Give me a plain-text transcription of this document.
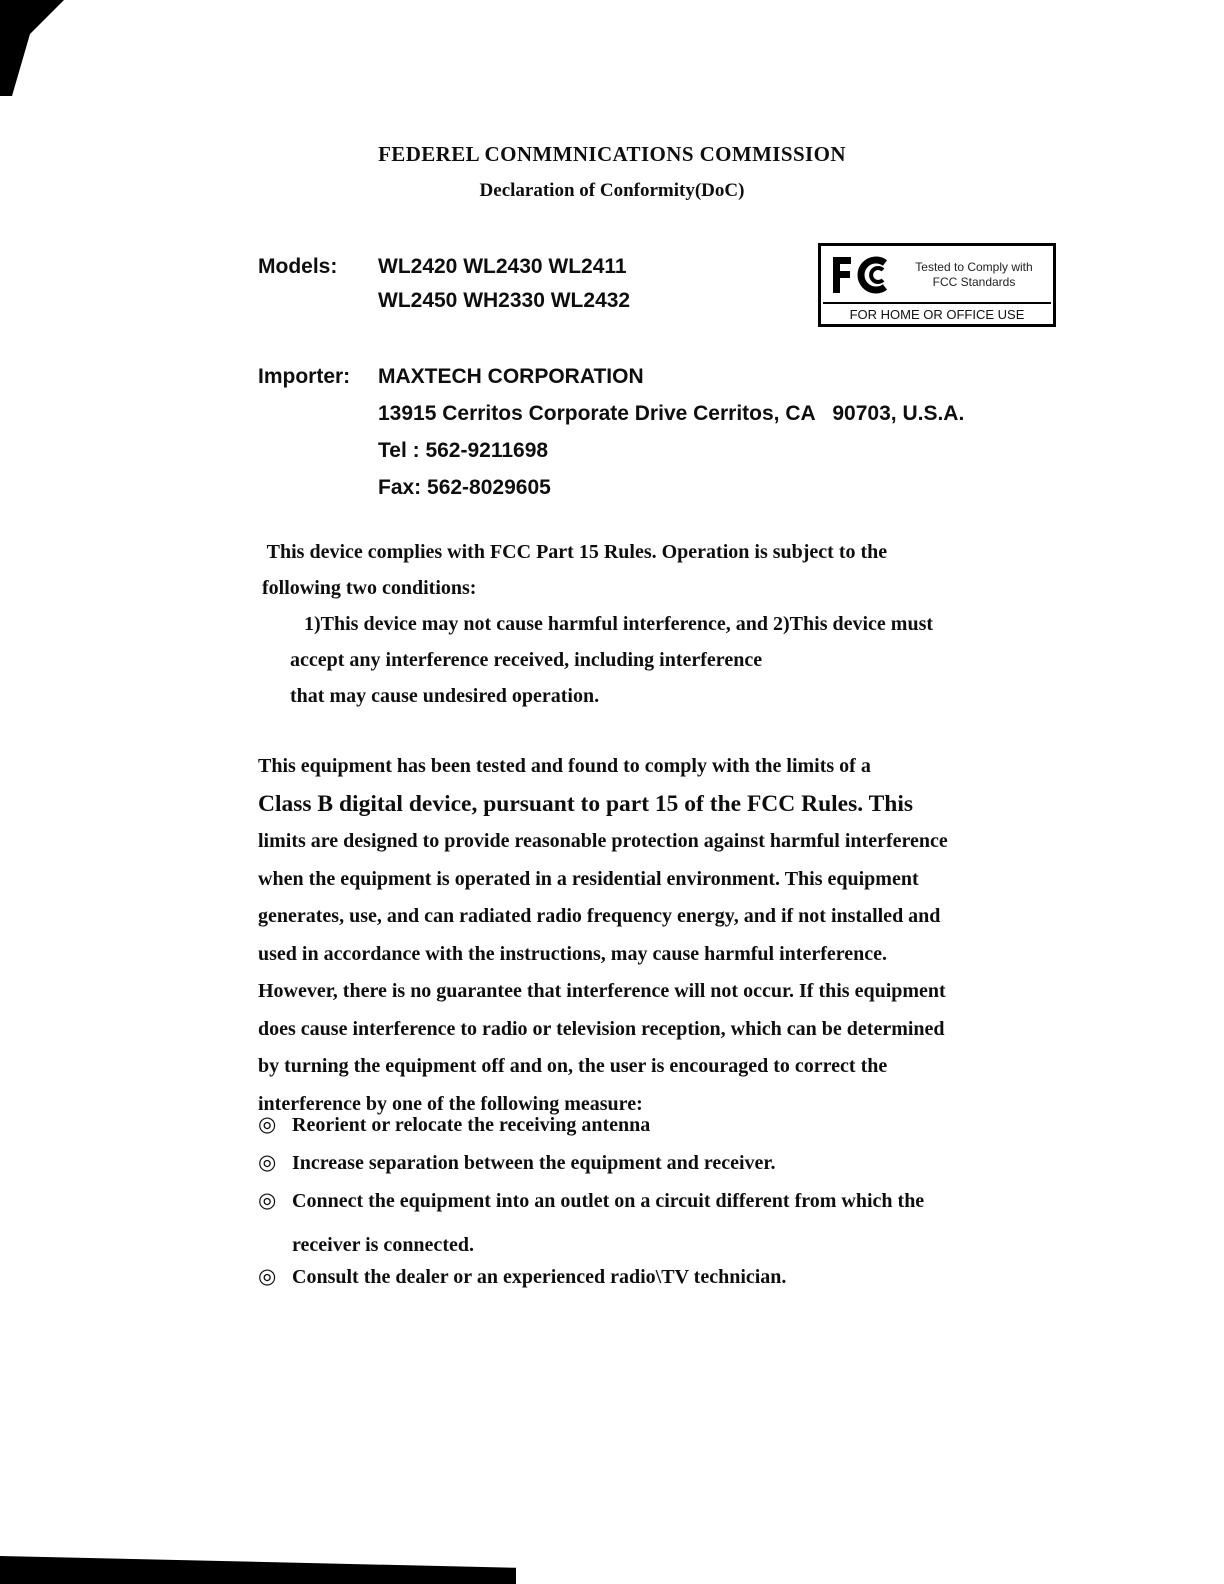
FEDEREL CONMMNICATIONS COMMISSION
Declaration of Conformity(DoC)
Models:	WL2420 WL2430 WL2411
WL2450 WH2330 WL2432
Tested to Comply with
FCC Standards
FOR HOME OR OFFICE USE
Importer:	MAXTECH CORPORATION
13915 Cerritos Corporate Drive Cerritos, CA   90703, U.S.A.
Tel : 562-9211698
Fax: 562-8029605
This device complies with FCC Part 15 Rules. Operation is subject to the
following two conditions:
1)This device may not cause harmful interference, and 2)This device must
accept any interference received, including interference
that may cause undesired operation.
This equipment has been tested and found to comply with the limits of a
Class B digital device, pursuant to part 15 of the FCC Rules. This
limits are designed to provide reasonable protection against harmful interference
when the equipment is operated in a residential environment. This equipment
generates, use, and can radiated radio frequency energy, and if not installed and
used in accordance with the instructions, may cause harmful interference.
However, there is no guarantee that interference will not occur. If this equipment
does cause interference to radio or television reception, which can be determined
by turning the equipment off and on, the user is encouraged to correct the
interference by one of the following measure:
◎ Reorient or relocate the receiving antenna
◎ Increase separation between the equipment and receiver.
◎ Connect the equipment into an outlet on a circuit different from which the
receiver is connected.
◎ Consult the dealer or an experienced radio\TV technician.
